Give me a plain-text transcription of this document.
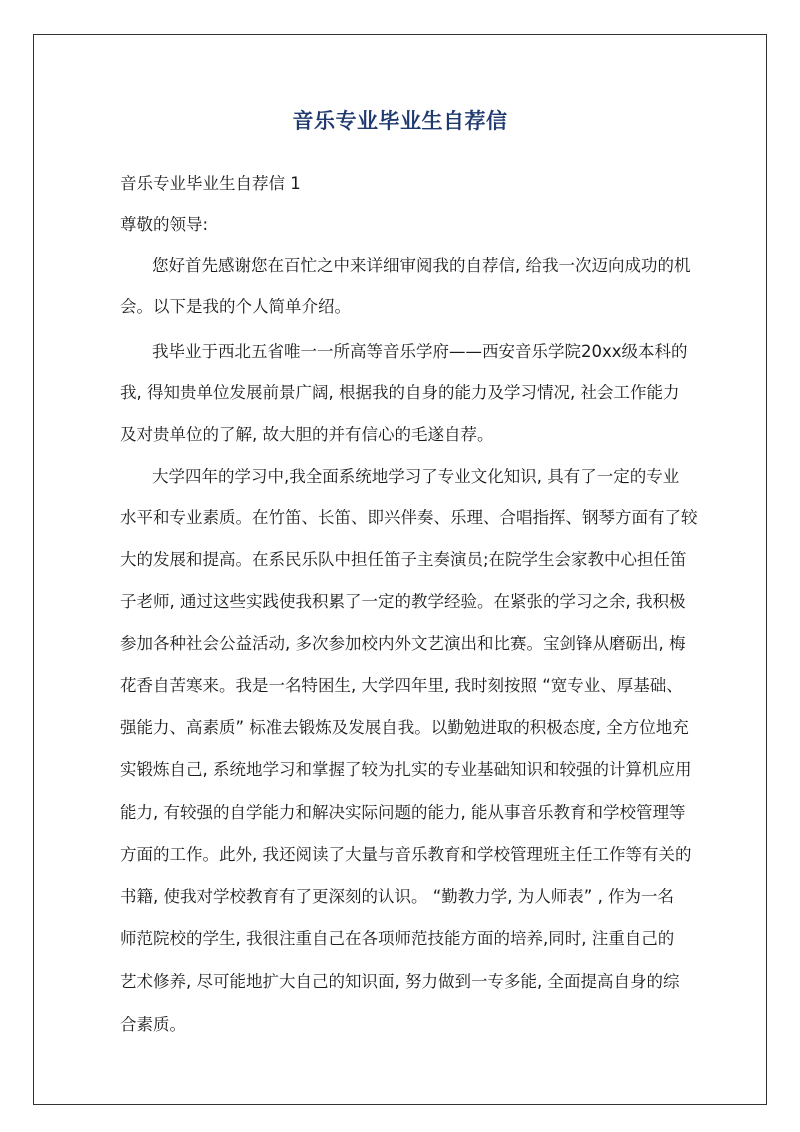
音乐专业毕业生自荐信
音乐专业毕业生自荐信 1
尊敬的领导:
您好首先感谢您在百忙之中来详细审阅我的自荐信, 给我一次迈向成功的机
会。以下是我的个人简单介绍。
我毕业于西北五省唯一一所高等音乐学府——西安音乐学院20xx级本科的
我, 得知贵单位发展前景广阔, 根据我的自身的能力及学习情况, 社会工作能力
及对贵单位的了解, 故大胆的并有信心的毛遂自荐。
大学四年的学习中,我全面系统地学习了专业文化知识, 具有了一定的专业
水平和专业素质。在竹笛、长笛、即兴伴奏、乐理、合唱指挥、钢琴方面有了较
大的发展和提高。在系民乐队中担任笛子主奏演员;在院学生会家教中心担任笛
子老师, 通过这些实践使我积累了一定的教学经验。在紧张的学习之余, 我积极
参加各种社会公益活动, 多次参加校内外文艺演出和比赛。宝剑锋从磨砺出, 梅
花香自苦寒来。我是一名特困生, 大学四年里, 我时刻按照 “宽专业、厚基础、
强能力、高素质” 标准去锻炼及发展自我。以勤勉进取的积极态度, 全方位地充
实锻炼自己, 系统地学习和掌握了较为扎实的专业基础知识和较强的计算机应用
能力, 有较强的自学能力和解决实际问题的能力, 能从事音乐教育和学校管理等
方面的工作。此外, 我还阅读了大量与音乐教育和学校管理班主任工作等有关的
书籍, 使我对学校教育有了更深刻的认识。 “勤教力学, 为人师表” , 作为一名
师范院校的学生, 我很注重自己在各项师范技能方面的培养,同时, 注重自己的
艺术修养, 尽可能地扩大自己的知识面, 努力做到一专多能, 全面提高自身的综
合素质。
